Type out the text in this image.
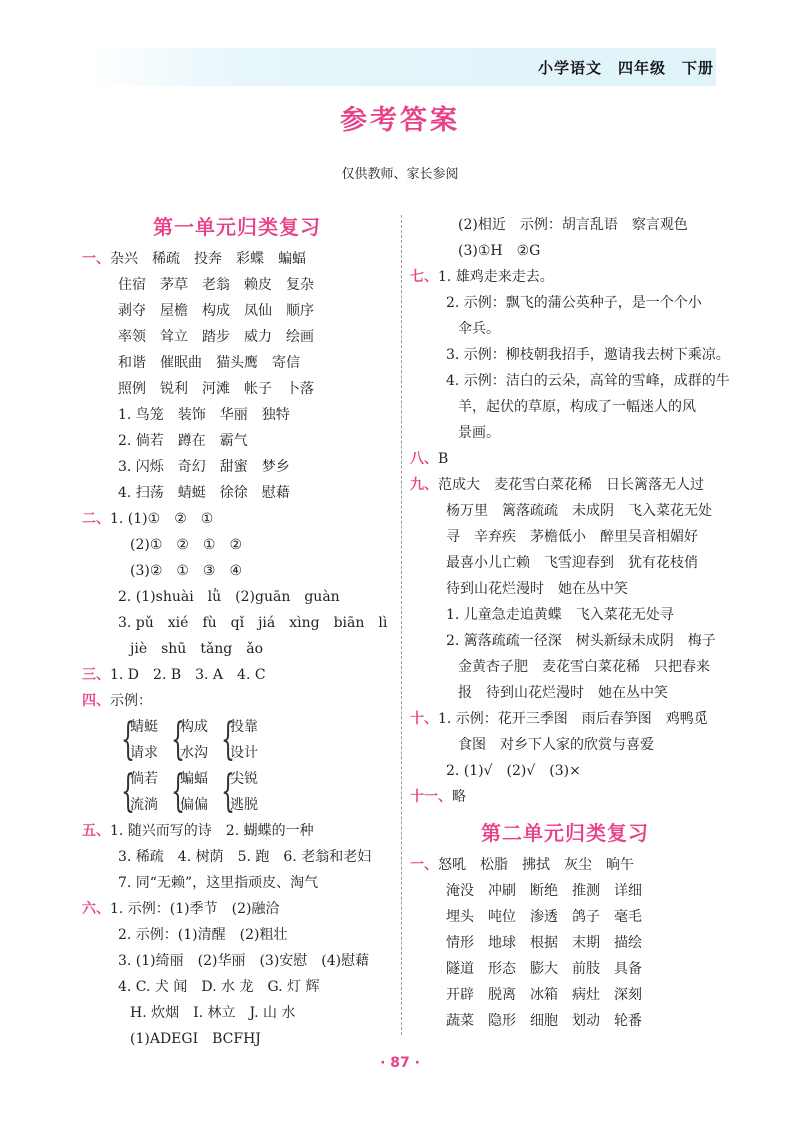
小学语文　四年级　下册
参考答案
仅供教师、家长参阅
第一单元归类复习
一、杂兴　稀疏　投奔　彩蝶　蝙蝠
住宿　茅草　老翁　赖皮　复杂
剥夺　屋檐　构成　凤仙　顺序
率领　耸立　踏步　威力　绘画
和谐　催眠曲　猫头鹰　寄信
照例　锐利　河滩　帐子　卜落
1. 鸟笼　装饰　华丽　独特
2. 倘若　蹲在　霸气
3. 闪烁　奇幻　甜蜜　梦乡
4. 扫荡　蜻蜓　徐徐　慰藉
二、1. (1)①　②　①
(2)①　②　①　②
(3)②　①　③　④
2. (1)shuài　lǜ　(2)guān　guàn
3. pǔ　xié　fù　qǐ　jiá　xìng　biān　lì
jiè　shū　tǎng　ǎo
三、1. D　2. B　3. A　4. C
四、示例：
{
蜻蜓
请求 {
构成
水沟 {
投靠
设计
{
倘若
流淌 {
蝙蝠
偏偏 {
尖锐
逃脱
五、1. 随兴而写的诗　2. 蝴蝶的一种
3. 稀疏　4. 树荫　5. 跑　6. 老翁和老妇
7. 同“无赖”，这里指顽皮、淘气
六、1. 示例：(1)季节　(2)融洽
2. 示例：(1)清醒　(2)粗壮
3. (1)绮丽　(2)华丽　(3)安慰　(4)慰藉
4. C. 犬 闻　D. 水 龙　G. 灯 辉
H. 炊烟　I. 林立　J. 山 水
(1)ADEGI　BCFHJ
(2)相近　示例：胡言乱语　察言观色
(3)①H　②G
七、1. 雄鸡走来走去。
2. 示例：飘飞的蒲公英种子，是一个个小
伞兵。
3. 示例：柳枝朝我招手，邀请我去树下乘凉。
4. 示例：洁白的云朵，高耸的雪峰，成群的牛
羊，起伏的草原，构成了一幅迷人的风
景画。
八、B
九、范成大　麦花雪白菜花稀　日长篱落无人过
杨万里　篱落疏疏　未成阴　飞入菜花无处
寻　辛弃疾　茅檐低小　醉里吴音相媚好
最喜小儿亡赖　飞雪迎春到　犹有花枝俏
待到山花烂漫时　她在丛中笑
1. 儿童急走追黄蝶　飞入菜花无处寻
2. 篱落疏疏一径深　树头新绿未成阴　梅子
金黄杏子肥　麦花雪白菜花稀　只把春来
报　待到山花烂漫时　她在丛中笑
十、1. 示例：花开三季图　雨后春笋图　鸡鸭觅
食图　对乡下人家的欣赏与喜爱
2. (1)√　(2)√　(3)×
十一、略
第二单元归类复习
一、怒吼　松脂　拂拭　灰尘　晌午
淹没　冲刷　断绝　推测　详细
埋头　吨位　渗透　鸽子　毫毛
情形　地球　根据　末期　描绘
隧道　形态　膨大　前肢　具备
开辟　脱离　冰箱　病灶　深刻
蔬菜　隐形　细胞　划动　轮番
· 87 ·
